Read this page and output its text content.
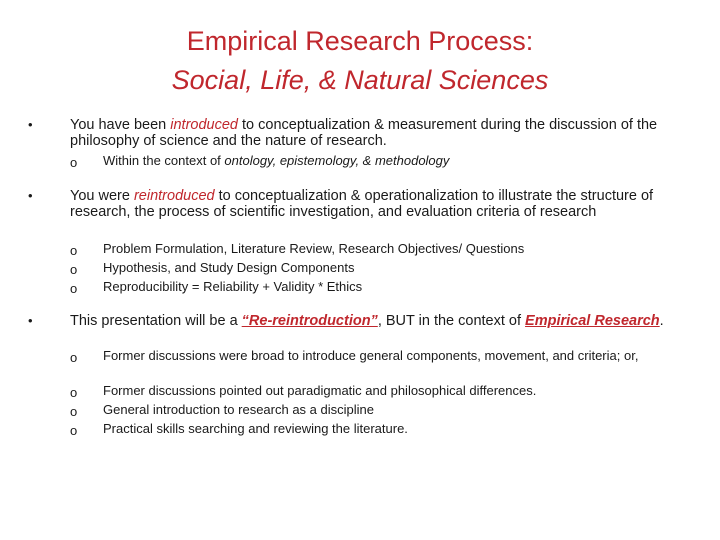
Empirical Research Process:
Social, Life, & Natural Sciences
•	You have been introduced to conceptualization & measurement during the discussion of the philosophy of science and the nature of research.
o Within the context of ontology, epistemology, & methodology
•	You were reintroduced to conceptualization & operationalization to illustrate the structure of research, the process of scientific investigation, and evaluation criteria of research
o Problem Formulation, Literature Review, Research Objectives/ Questions
o Hypothesis, and Study Design Components
o Reproducibility = Reliability + Validity * Ethics
•	This presentation will be a “Re-reintroduction”, BUT in the context of Empirical Research.
o Former discussions were broad to introduce general components, movement, and criteria; or,
o Former discussions pointed out paradigmatic and philosophical differences.
o General introduction to research as a discipline
o Practical skills searching and reviewing the literature.
